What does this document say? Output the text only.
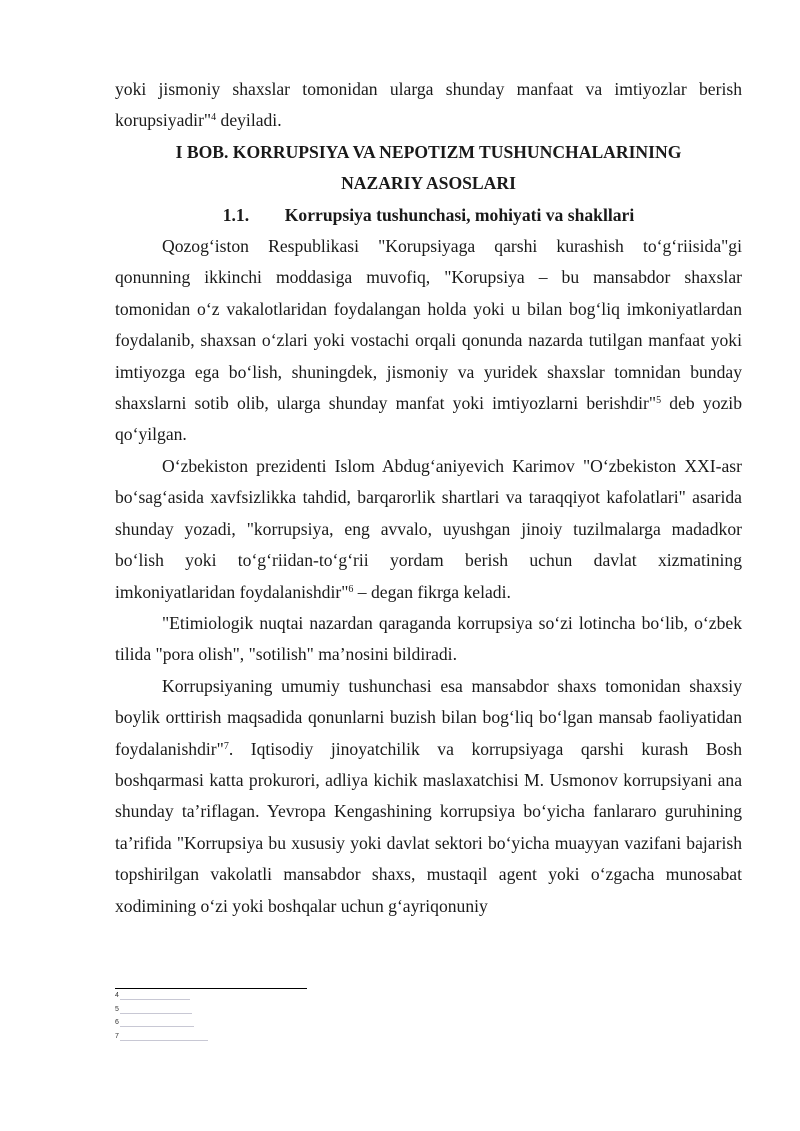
yoki jismoniy shaxslar tomonidan ularga shunday manfaat va imtiyozlar berish korupsiyadir"$^4$ deyiladi.

I BOB. KORRUPSIYA VA NEPOTIZM TUSHUNCHALARINING
NAZARIY ASOSLARI

1.1. Korrupsiya tushunchasi, mohiyati va shakllari

Qozog‘iston Respublikasi "Korupsiyaga qarshi kurashish to‘g‘riisida"gi qonunning ikkinchi moddasiga muvofiq, "Korupsiya – bu mansabdor shaxslar tomonidan o‘z vakalotlaridan foydalangan holda yoki u bilan bog‘liq imkoniyatlardan foydalanib, shaxsan o‘zlari yoki vostachi orqali qonunda nazarda tutilgan manfaat yoki imtiyozga ega bo‘lish, shuningdek, jismoniy va yuridek shaxslar tomnidan bunday shaxslarni sotib olib, ularga shunday manfat yoki imtiyozlarni berishdir"$^5$ deb yozib qo‘yilgan.

O‘zbekiston prezidenti Islom Abdug‘aniyevich Karimov "O‘zbekiston XXI-asr bo‘sag‘asida xavfsizlikka tahdid, barqarorlik shartlari va taraqqiyot kafolatlari" asarida shunday yozadi, "korrupsiya, eng avvalo, uyushgan jinoiy tuzilmalarga madadkor bo‘lish yoki to‘g‘riidan-to‘g‘rii yordam berish uchun davlat xizmatining imkoniyatlaridan foydalanishdir"$^6$ – degan fikrga keladi.

"Etimiologik nuqtai nazardan qaraganda korrupsiya so‘zi lotincha bo‘lib, o‘zbek tilida "pora olish", "sotilish" ma’nosini bildiradi.

Korrupsiyaning umumiy tushunchasi esa mansabdor shaxs tomonidan shaxsiy boylik orttirish maqsadida qonunlarni buzish bilan bog‘liq bo‘lgan mansab faoliyatidan foydalanishdir"$^7$. Iqtisodiy jinoyatchilik va korrupsiyaga qarshi kurash Bosh boshqarmasi katta prokurori, adliya kichik maslaxatchisi M. Usmonov korrupsiyani ana shunday ta’riflagan. Yevropa Kengashining korrupsiya bo‘yicha fanlararo guruhining ta’rifida "Korrupsiya bu xususiy yoki davlat sektori bo‘yicha muayyan vazifani bajarish topshirilgan vakolatli mansabdor shaxs, mustaqil agent yoki o‘zgacha munosabat xodimining o‘zi yoki boshqalar uchun g‘ayriqonuniy

4
5
6
7
